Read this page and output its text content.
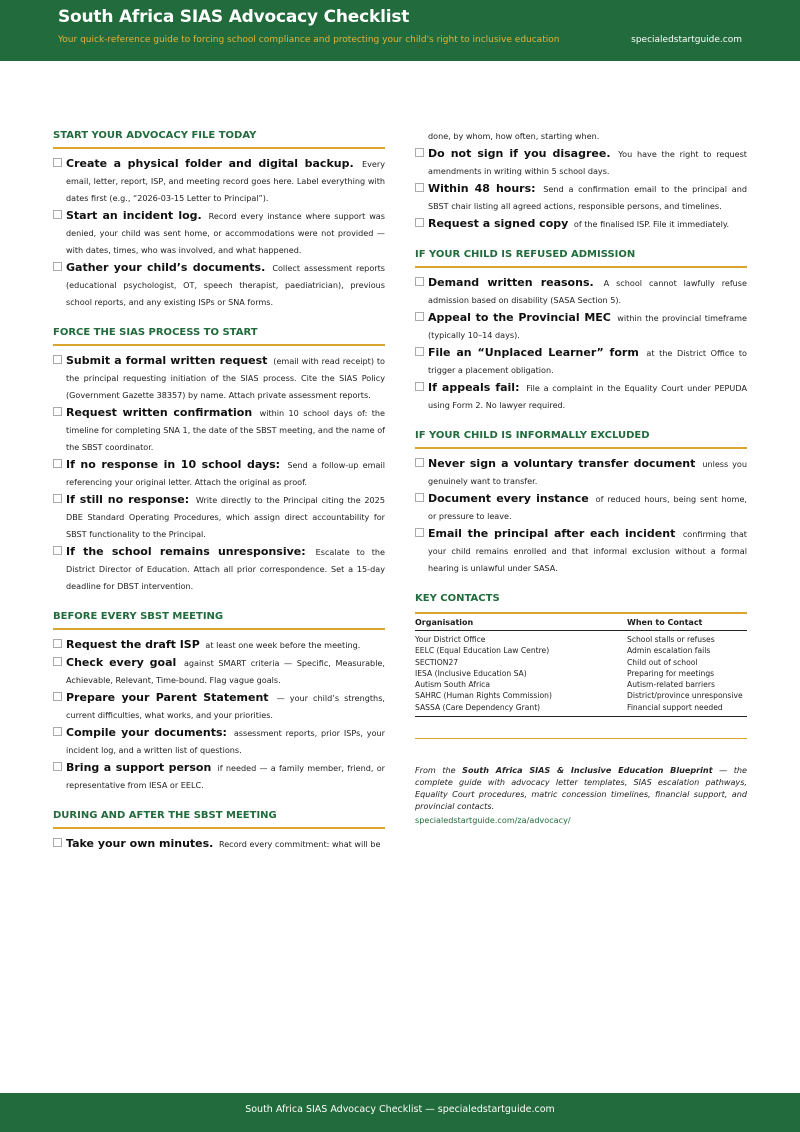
South Africa SIAS Advocacy Checklist
Your quick-reference guide to forcing school compliance and protecting your child's right to inclusive education	specialedstartguide.com
START YOUR ADVOCACY FILE TODAY
Create a physical folder and digital backup. Every email, letter, report, ISP, and meeting record goes here. Label everything with dates first (e.g., “2026-03-15 Letter to Principal”).
Start an incident log. Record every instance where support was denied, your child was sent home, or accommodations were not provided — with dates, times, who was involved, and what happened.
Gather your child’s documents. Collect assessment reports (educational psychologist, OT, speech therapist, paediatrician), previous school reports, and any existing ISPs or SNA forms.
FORCE THE SIAS PROCESS TO START
Submit a formal written request (email with read receipt) to the principal requesting initiation of the SIAS process. Cite the SIAS Policy (Government Gazette 38357) by name. Attach private assessment reports.
Request written confirmation within 10 school days of: the timeline for completing SNA 1, the date of the SBST meeting, and the name of the SBST coordinator.
If no response in 10 school days: Send a follow-up email referencing your original letter. Attach the original as proof.
If still no response: Write directly to the Principal citing the 2025 DBE Standard Operating Procedures, which assign direct accountability for SBST functionality to the Principal.
If the school remains unresponsive: Escalate to the District Director of Education. Attach all prior correspondence. Set a 15-day deadline for DBST intervention.
BEFORE EVERY SBST MEETING
Request the draft ISP at least one week before the meeting.
Check every goal against SMART criteria — Specific, Measurable, Achievable, Relevant, Time-bound. Flag vague goals.
Prepare your Parent Statement — your child’s strengths, current difficulties, what works, and your priorities.
Compile your documents: assessment reports, prior ISPs, your incident log, and a written list of questions.
Bring a support person if needed — a family member, friend, or representative from IESA or EELC.
DURING AND AFTER THE SBST MEETING
Take your own minutes. Record every commitment: what will be
done, by whom, how often, starting when.
Do not sign if you disagree. You have the right to request amendments in writing within 5 school days.
Within 48 hours: Send a confirmation email to the principal and SBST chair listing all agreed actions, responsible persons, and timelines.
Request a signed copy of the finalised ISP. File it immediately.
IF YOUR CHILD IS REFUSED ADMISSION
Demand written reasons. A school cannot lawfully refuse admission based on disability (SASA Section 5).
Appeal to the Provincial MEC within the provincial timeframe (typically 10–14 days).
File an “Unplaced Learner” form at the District Office to trigger a placement obligation.
If appeals fail: File a complaint in the Equality Court under PEPUDA using Form 2. No lawyer required.
IF YOUR CHILD IS INFORMALLY EXCLUDED
Never sign a voluntary transfer document unless you genuinely want to transfer.
Document every instance of reduced hours, being sent home, or pressure to leave.
Email the principal after each incident confirming that your child remains enrolled and that informal exclusion without a formal hearing is unlawful under SASA.
KEY CONTACTS
Organisation	When to Contact
Your District Office	School stalls or refuses
EELC (Equal Education Law Centre)	Admin escalation fails
SECTION27	Child out of school
IESA (Inclusive Education SA)	Preparing for meetings
Autism South Africa	Autism-related barriers
SAHRC (Human Rights Commission)	District/province unresponsive
SASSA (Care Dependency Grant)	Financial support needed
From the South Africa SIAS & Inclusive Education Blueprint — the complete guide with advocacy letter templates, SIAS escalation pathways, Equality Court procedures, matric concession timelines, financial support, and provincial contacts.
specialedstartguide.com/za/advocacy/
South Africa SIAS Advocacy Checklist — specialedstartguide.com
